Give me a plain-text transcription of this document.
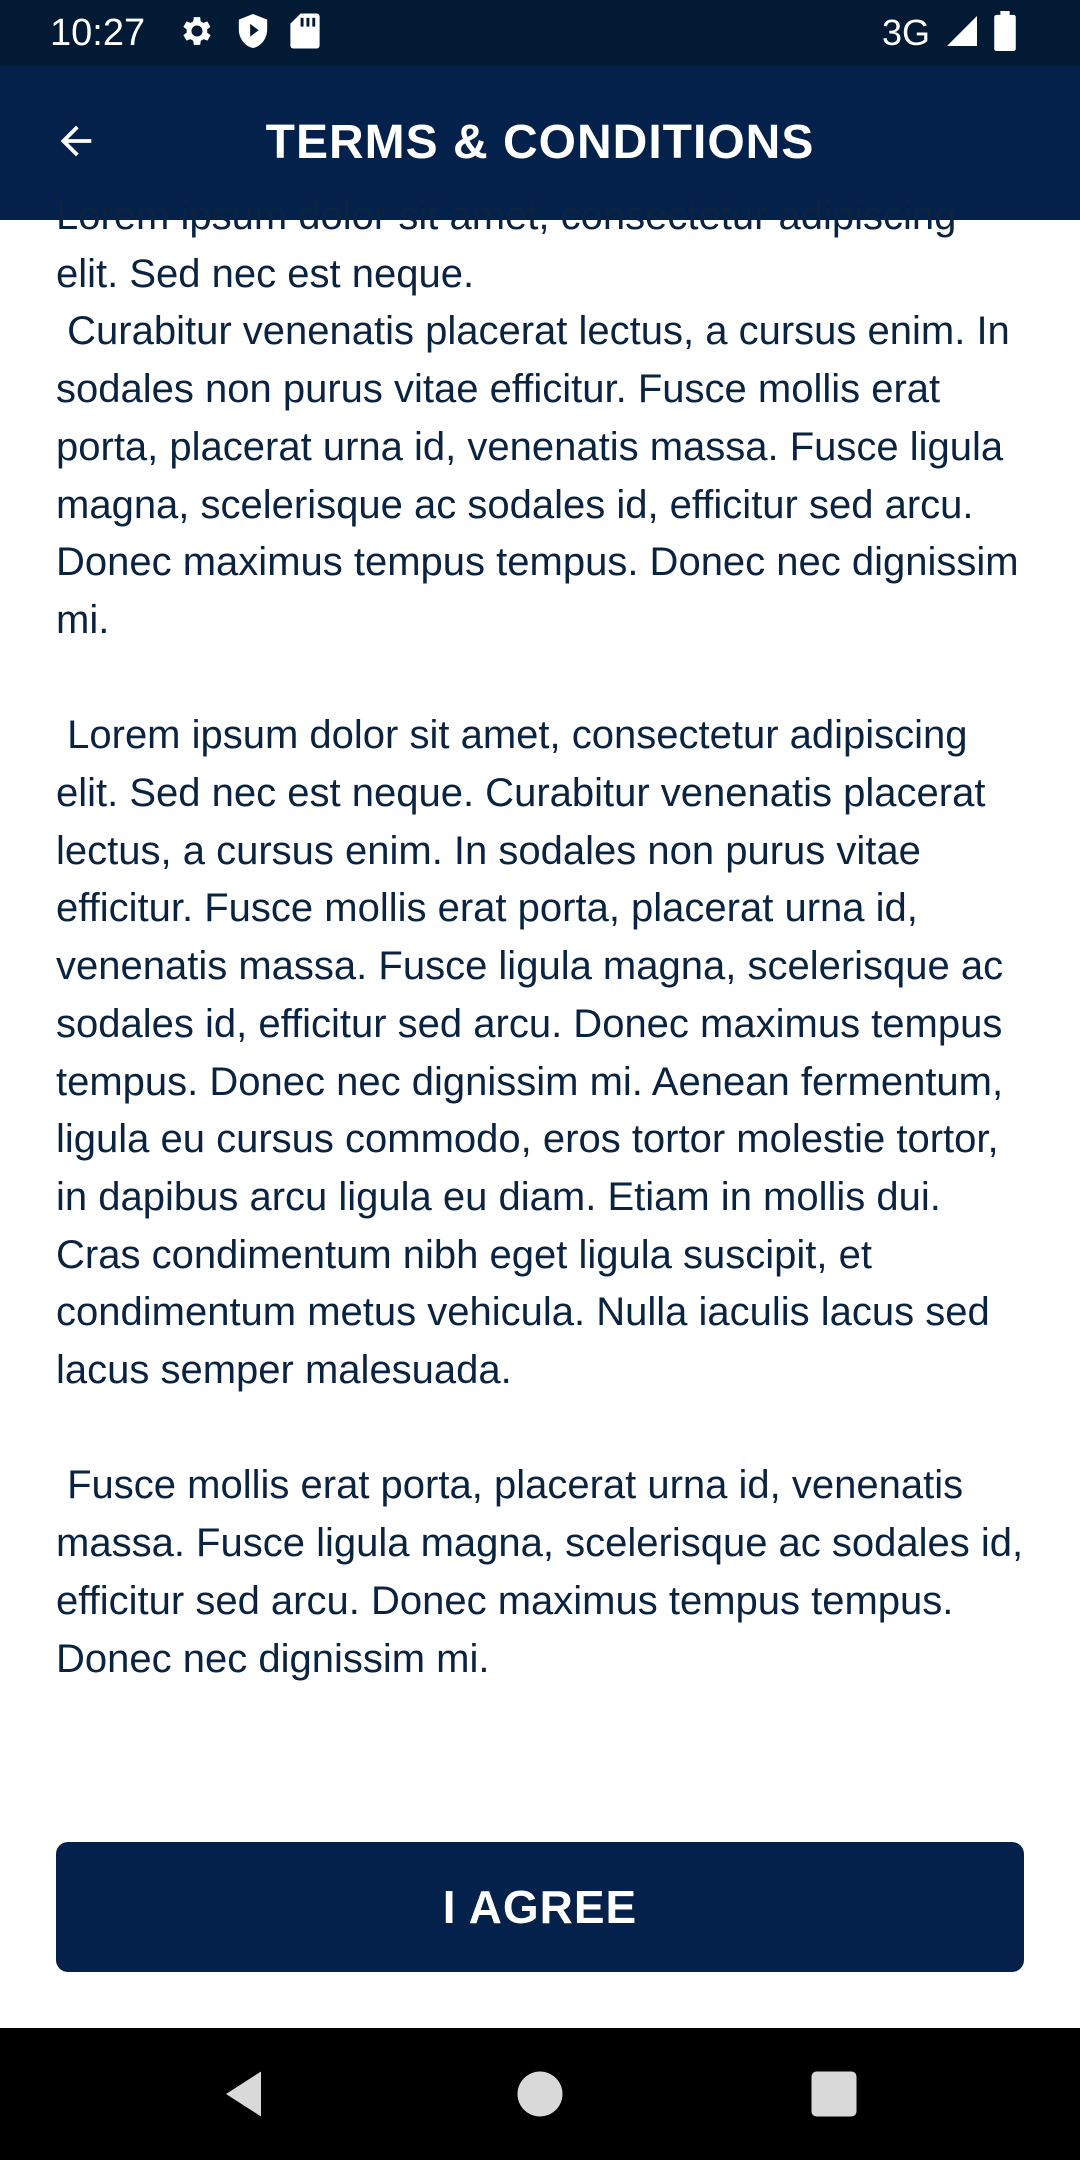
10:27	3G
TERMS & CONDITIONS

Lorem ipsum dolor sit amet, consectetur adipiscing elit. Sed nec est neque.
Curabitur venenatis placerat lectus, a cursus enim. In sodales non purus vitae efficitur. Fusce mollis erat porta, placerat urna id, venenatis massa. Fusce ligula magna, scelerisque ac sodales id, efficitur sed arcu. Donec maximus tempus tempus. Donec nec dignissim mi.

Lorem ipsum dolor sit amet, consectetur adipiscing elit. Sed nec est neque. Curabitur venenatis placerat lectus, a cursus enim. In sodales non purus vitae efficitur. Fusce mollis erat porta, placerat urna id, venenatis massa. Fusce ligula magna, scelerisque ac sodales id, efficitur sed arcu. Donec maximus tempus tempus. Donec nec dignissim mi. Aenean fermentum, ligula eu cursus commodo, eros tortor molestie tortor, in dapibus arcu ligula eu diam. Etiam in mollis dui. Cras condimentum nibh eget ligula suscipit, et condimentum metus vehicula. Nulla iaculis lacus sed lacus semper malesuada.

Fusce mollis erat porta, placerat urna id, venenatis massa. Fusce ligula magna, scelerisque ac sodales id, efficitur sed arcu. Donec maximus tempus tempus. Donec nec dignissim mi.

I AGREE
